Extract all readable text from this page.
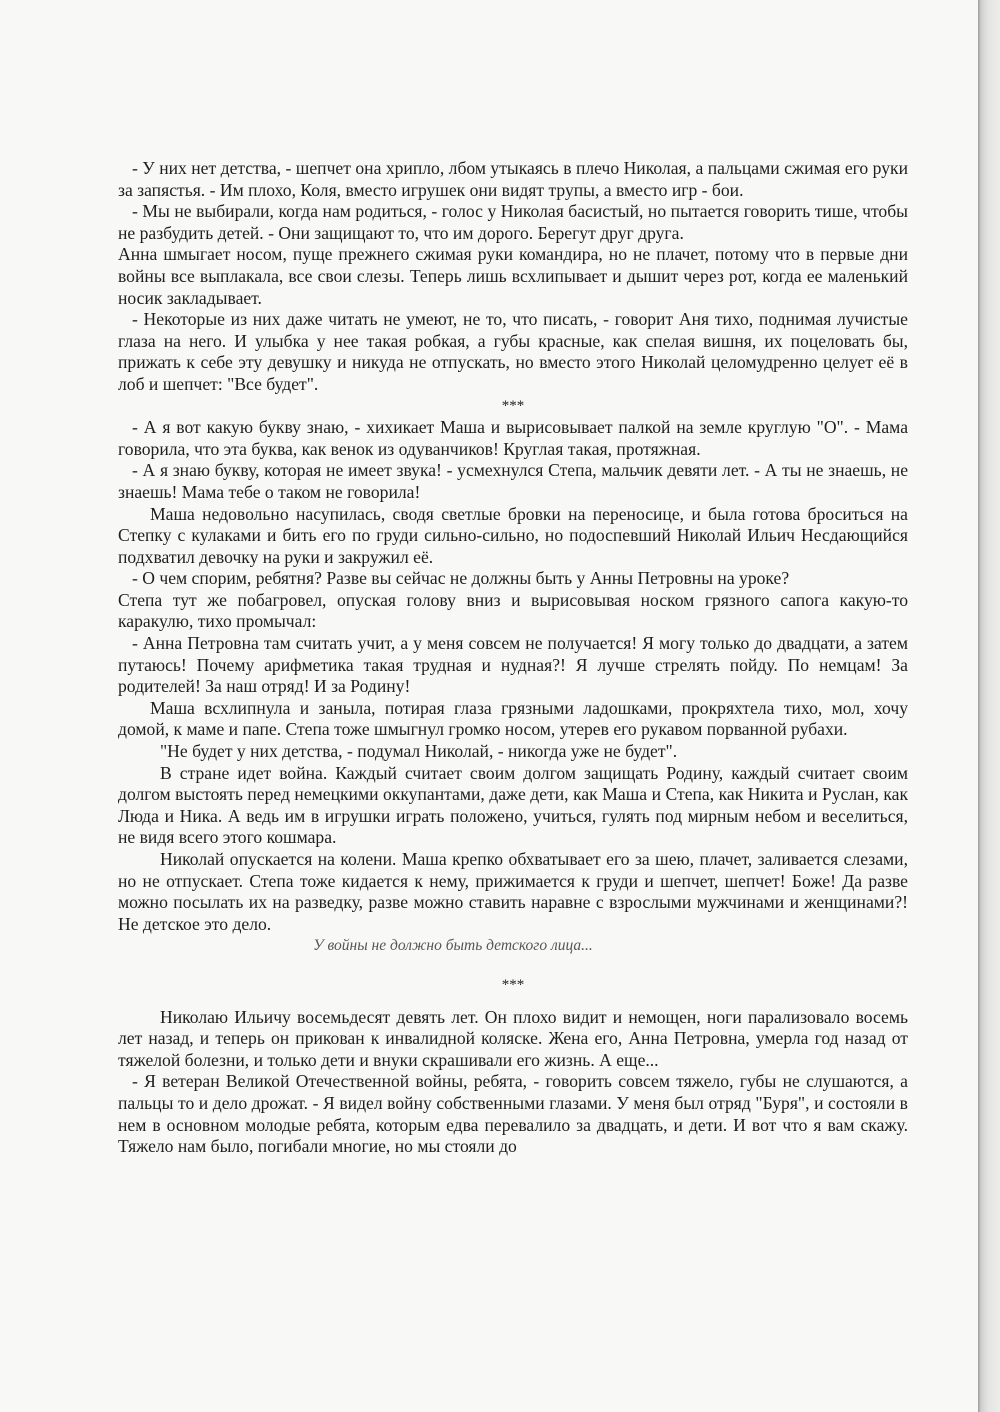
- У них нет детства, - шепчет она хрипло, лбом утыкаясь в плечо Николая, а пальцами сжимая его руки за запястья. - Им плохо, Коля, вместо игрушек они видят трупы, а вместо игр - бои.

- Мы не выбирали, когда нам родиться, - голос у Николая басистый, но пытается говорить тише, чтобы не разбудить детей. - Они защищают то, что им дорого. Берегут друг друга.

Анна шмыгает носом, пуще прежнего сжимая руки командира, но не плачет, потому что в первые дни войны все выплакала, все свои слезы. Теперь лишь всхлипывает и дышит через рот, когда ее маленький носик закладывает.

- Некоторые из них даже читать не умеют, не то, что писать, - говорит Аня тихо, поднимая лучистые глаза на него. И улыбка у нее такая робкая, а губы красные, как спелая вишня, их поцеловать бы, прижать к себе эту девушку и никуда не отпускать, но вместо этого Николай целомудренно целует её в лоб и шепчет: "Все будет".

***

- А я вот какую букву знаю, - хихикает Маша и вырисовывает палкой на земле круглую "О". - Мама говорила, что эта буква, как венок из одуванчиков! Круглая такая, протяжная.

- А я знаю букву, которая не имеет звука! - усмехнулся Степа, мальчик девяти лет. - А ты не знаешь, не знаешь! Мама тебе о таком не говорила!

Маша недовольно насупилась, сводя светлые бровки на переносице, и была готова броситься на Степку с кулаками и бить его по груди сильно-сильно, но подоспевший Николай Ильич Несдающийся подхватил девочку на руки и закружил её.

- О чем спорим, ребятня? Разве вы сейчас не должны быть у Анны Петровны на уроке?

Степа тут же побагровел, опуская голову вниз и вырисовывая носком грязного сапога какую-то каракулю, тихо промычал:

- Анна Петровна там считать учит, а у меня совсем не получается! Я могу только до двадцати, а затем путаюсь! Почему арифметика такая трудная и нудная?! Я лучше стрелять пойду. По немцам! За родителей! За наш отряд! И за Родину!

Маша всхлипнула и заныла, потирая глаза грязными ладошками, прокряхтела тихо, мол, хочу домой, к маме и папе. Степа тоже шмыгнул громко носом, утерев его рукавом порванной рубахи.

"Не будет у них детства, - подумал Николай, - никогда уже не будет".

В стране идет война. Каждый считает своим долгом защищать Родину, каждый считает своим долгом выстоять перед немецкими оккупантами, даже дети, как Маша и Степа, как Никита и Руслан, как Люда и Ника. А ведь им в игрушки играть положено, учиться, гулять под мирным небом и веселиться, не видя всего этого кошмара.

Николай опускается на колени. Маша крепко обхватывает его за шею, плачет, заливается слезами, но не отпускает. Степа тоже кидается к нему, прижимается к груди и шепчет, шепчет! Боже! Да разве можно посылать их на разведку, разве можно ставить наравне с взрослыми мужчинами и женщинами?! Не детское это дело.

У войны не должно быть детского лица...

***

Николаю Ильичу восемьдесят девять лет. Он плохо видит и немощен, ноги парализовало восемь лет назад, и теперь он прикован к инвалидной коляске. Жена его, Анна Петровна, умерла год назад от тяжелой болезни, и только дети и внуки скрашивали его жизнь. А еще...

- Я ветеран Великой Отечественной войны, ребята, - говорить совсем тяжело, губы не слушаются, а пальцы то и дело дрожат. - Я видел войну собственными глазами. У меня был отряд "Буря", и состояли в нем в основном молодые ребята, которым едва перевалило за двадцать, и дети. И вот что я вам скажу. Тяжело нам было, погибали многие, но мы стояли до
